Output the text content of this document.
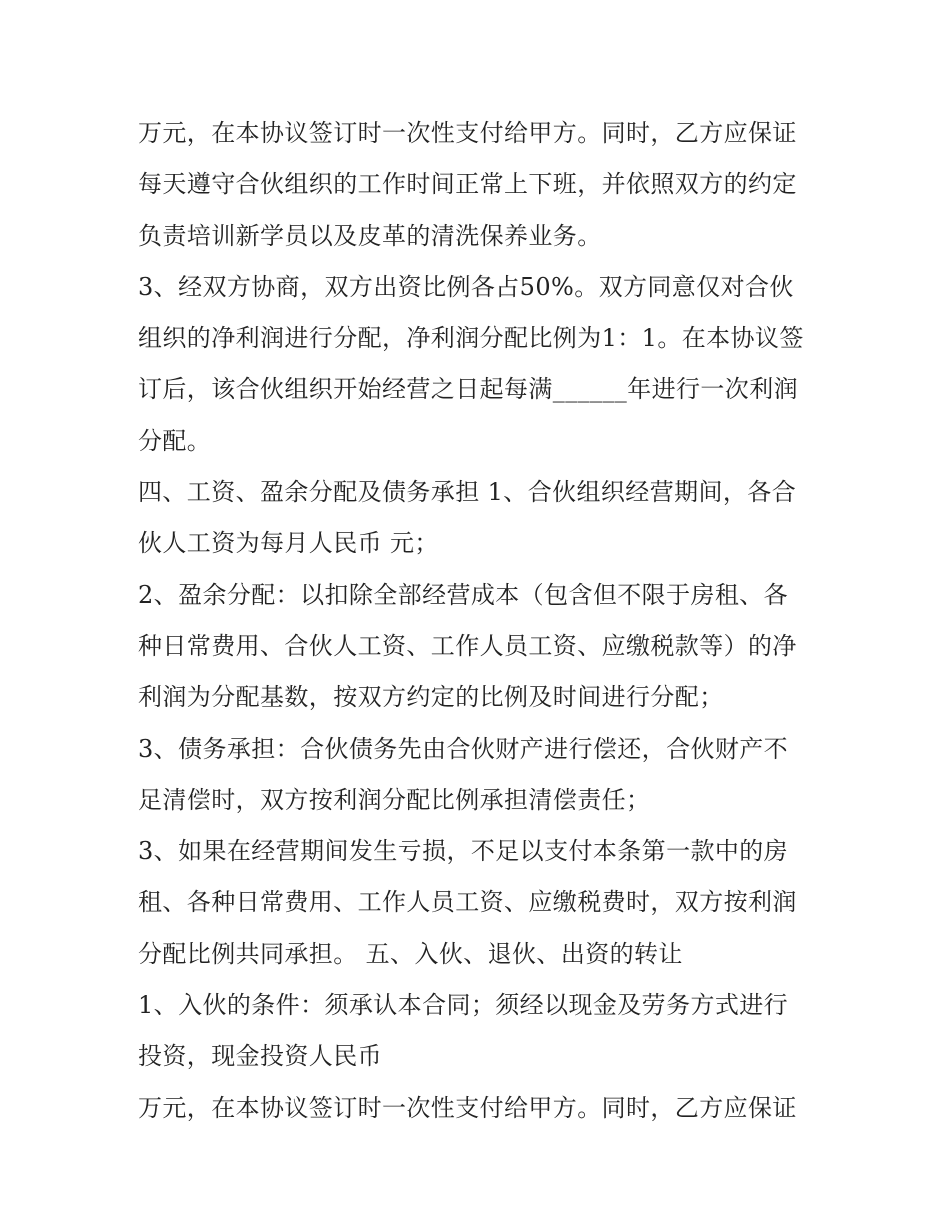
万元，在本协议签订时一次性支付给甲方。同时，乙方应保证
每天遵守合伙组织的工作时间正常上下班，并依照双方的约定
负责培训新学员以及皮革的清洗保养业务。
3、经双方协商，双方出资比例各占50%。双方同意仅对合伙
组织的净利润进行分配，净利润分配比例为1：1。在本协议签
订后，该合伙组织开始经营之日起每满______年进行一次利润
分配。
四、工资、盈余分配及债务承担 1、合伙组织经营期间，各合
伙人工资为每月人民币 元；
2、盈余分配：以扣除全部经营成本（包含但不限于房租、各
种日常费用、合伙人工资、工作人员工资、应缴税款等）的净
利润为分配基数，按双方约定的比例及时间进行分配；
3、债务承担：合伙债务先由合伙财产进行偿还，合伙财产不
足清偿时，双方按利润分配比例承担清偿责任；
3、如果在经营期间发生亏损，不足以支付本条第一款中的房
租、各种日常费用、工作人员工资、应缴税费时，双方按利润
分配比例共同承担。 五、入伙、退伙、出资的转让
1、入伙的条件：须承认本合同；须经以现金及劳务方式进行
投资，现金投资人民币
万元，在本协议签订时一次性支付给甲方。同时，乙方应保证
